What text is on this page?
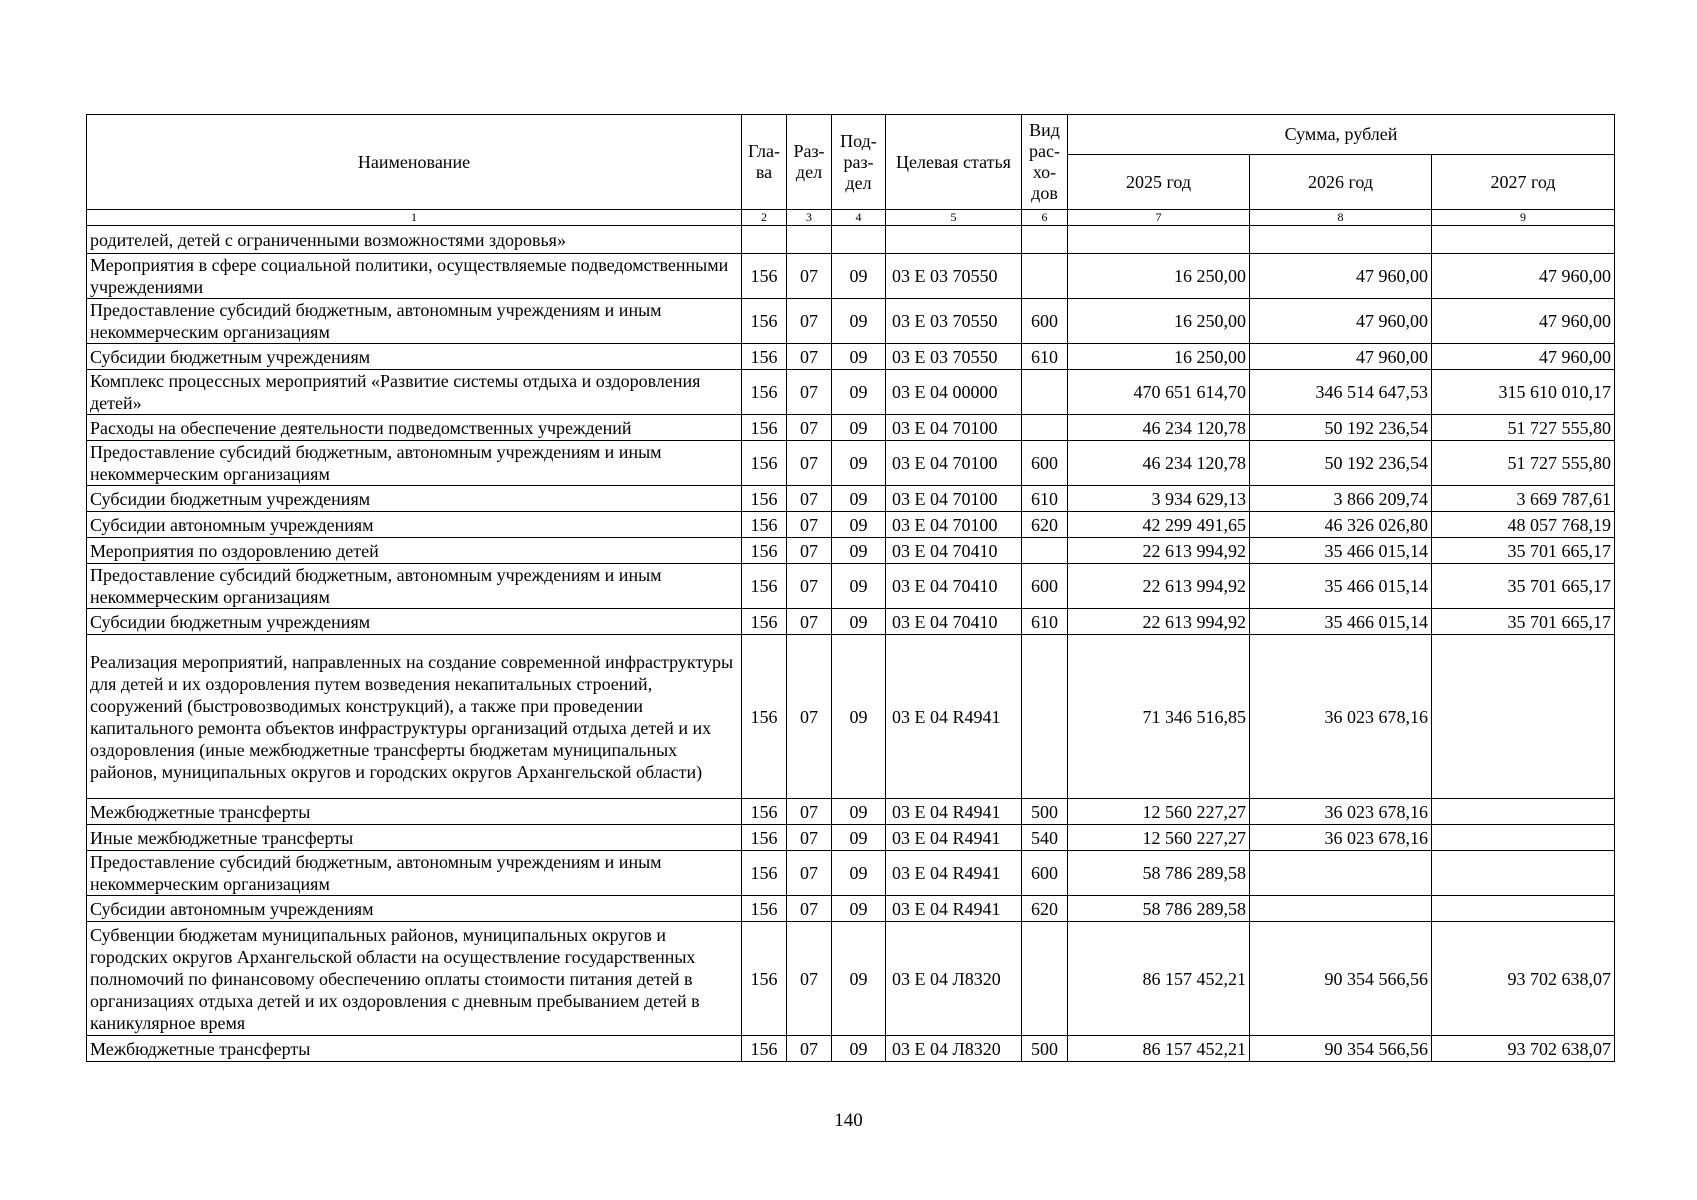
Наименование	Гла- ва	Раз- дел	Под- раз- дел	Целевая статья	Вид рас- хо- дов	Сумма, рублей		
						2025 год	2026 год	2027 год
1	2	3	4	5	6	7	8	9
родителей, детей с ограниченными возможностями здоровья»								
Мероприятия в сфере социальной политики, осуществляемые подведомственными учреждениями	156	07	09	03 Е 03 70550		16 250,00	47 960,00	47 960,00
Предоставление субсидий бюджетным, автономным учреждениям и иным некоммерческим организациям	156	07	09	03 Е 03 70550	600	16 250,00	47 960,00	47 960,00
Субсидии бюджетным учреждениям	156	07	09	03 Е 03 70550	610	16 250,00	47 960,00	47 960,00
Комплекс процессных мероприятий «Развитие системы отдыха и оздоровления детей»	156	07	09	03 Е 04 00000		470 651 614,70	346 514 647,53	315 610 010,17
Расходы на обеспечение деятельности подведомственных учреждений	156	07	09	03 Е 04 70100		46 234 120,78	50 192 236,54	51 727 555,80
Предоставление субсидий бюджетным, автономным учреждениям и иным некоммерческим организациям	156	07	09	03 Е 04 70100	600	46 234 120,78	50 192 236,54	51 727 555,80
Субсидии бюджетным учреждениям	156	07	09	03 Е 04 70100	610	3 934 629,13	3 866 209,74	3 669 787,61
Субсидии автономным учреждениям	156	07	09	03 Е 04 70100	620	42 299 491,65	46 326 026,80	48 057 768,19
Мероприятия по оздоровлению детей	156	07	09	03 Е 04 70410		22 613 994,92	35 466 015,14	35 701 665,17
Предоставление субсидий бюджетным, автономным учреждениям и иным некоммерческим организациям	156	07	09	03 Е 04 70410	600	22 613 994,92	35 466 015,14	35 701 665,17
Субсидии бюджетным учреждениям	156	07	09	03 Е 04 70410	610	22 613 994,92	35 466 015,14	35 701 665,17
Реализация мероприятий, направленных на создание современной инфраструктуры для детей и их оздоровления путем возведения некапитальных строений, сооружений (быстровозводимых конструкций), а также при проведении капитального ремонта объектов инфраструктуры организаций отдыха детей и их оздоровления (иные межбюджетные трансферты бюджетам муниципальных районов, муниципальных округов и городских округов Архангельской области)	156	07	09	03 Е 04 R4941		71 346 516,85	36 023 678,16	
Межбюджетные трансферты	156	07	09	03 Е 04 R4941	500	12 560 227,27	36 023 678,16	
Иные межбюджетные трансферты	156	07	09	03 Е 04 R4941	540	12 560 227,27	36 023 678,16	
Предоставление субсидий бюджетным, автономным учреждениям и иным некоммерческим организациям	156	07	09	03 Е 04 R4941	600	58 786 289,58		
Субсидии автономным учреждениям	156	07	09	03 Е 04 R4941	620	58 786 289,58		
Субвенции бюджетам муниципальных районов, муниципальных округов и городских округов Архангельской области на осуществление государственных полномочий по финансовому обеспечению оплаты стоимости питания детей в организациях отдыха детей и их оздоровления с дневным пребыванием детей в каникулярное время	156	07	09	03 Е 04 Л8320		86 157 452,21	90 354 566,56	93 702 638,07
Межбюджетные трансферты	156	07	09	03 Е 04 Л8320	500	86 157 452,21	90 354 566,56	93 702 638,07
140
